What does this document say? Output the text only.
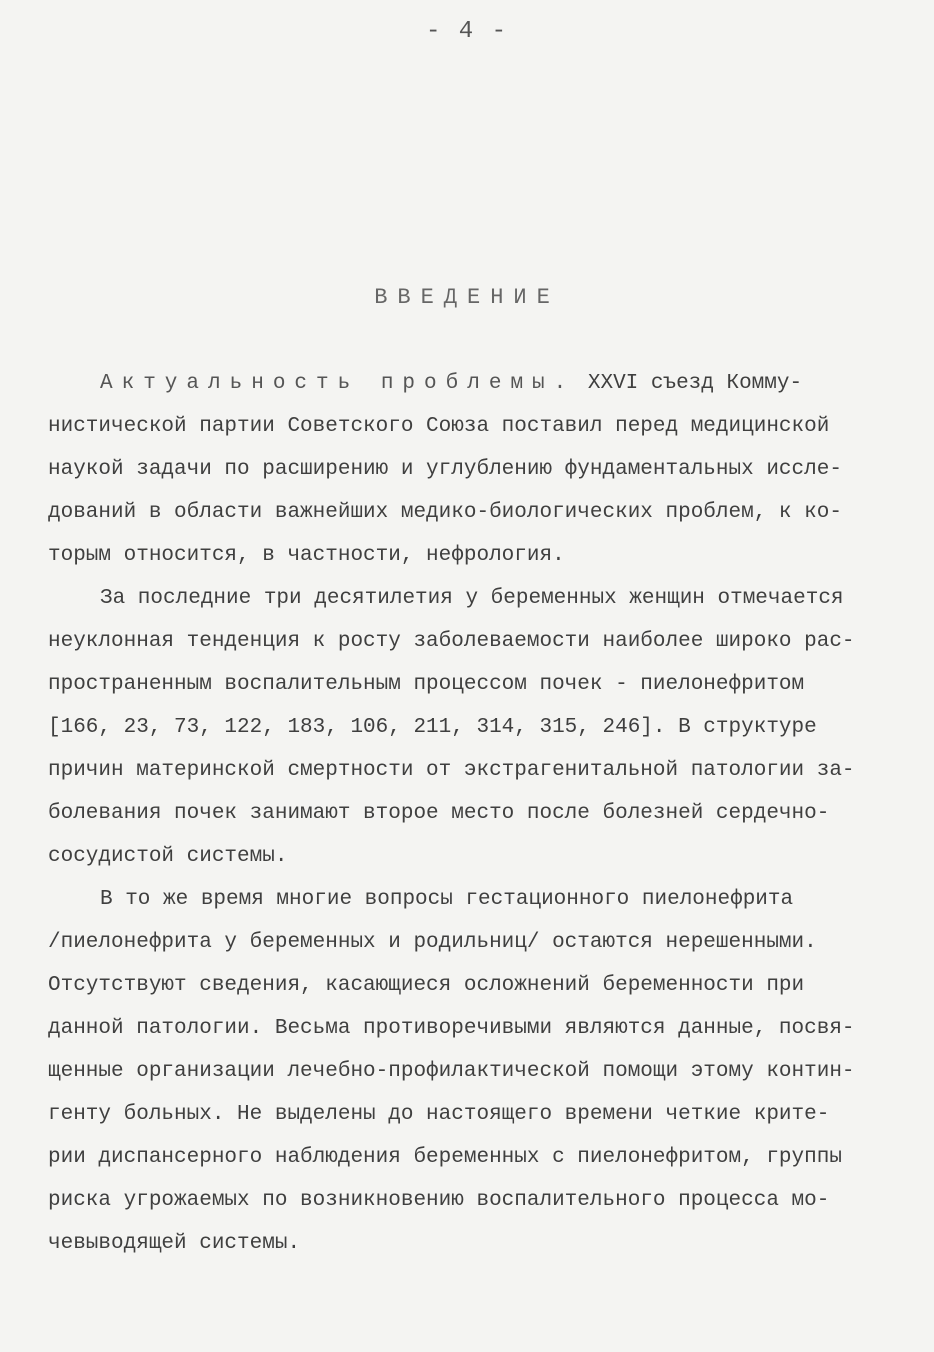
- 4 -
ВВЕДЕНИЕ
Актуальность проблемы. XXVI съезд Комму-
нистической партии Советского Союза поставил перед медицинской
наукой задачи по расширению и углублению фундаментальных иссле-
дований в области важнейших медико-биологических проблем, к ко-
торым относится, в частности, нефрология.
За последние три десятилетия у беременных женщин отмечается
неуклонная тенденция к росту заболеваемости наиболее широко рас-
пространенным воспалительным процессом почек - пиелонефритом
[166, 23, 73, 122, 183, 106, 211, 314, 315, 246]. В структуре
причин материнской смертности от экстрагенитальной патологии за-
болевания почек занимают второе место после болезней сердечно-
сосудистой системы.
В то же время многие вопросы гестационного пиелонефрита
/пиелонефрита у беременных и родильниц/ остаются нерешенными.
Отсутствуют сведения, касающиеся осложнений беременности при
данной патологии. Весьма противоречивыми являются данные, посвя-
щенные организации лечебно-профилактической помощи этому контин-
генту больных. Не выделены до настоящего времени четкие крите-
рии диспансерного наблюдения беременных с пиелонефритом, группы
риска угрожаемых по возникновению воспалительного процесса мо-
чевыводящей системы.
